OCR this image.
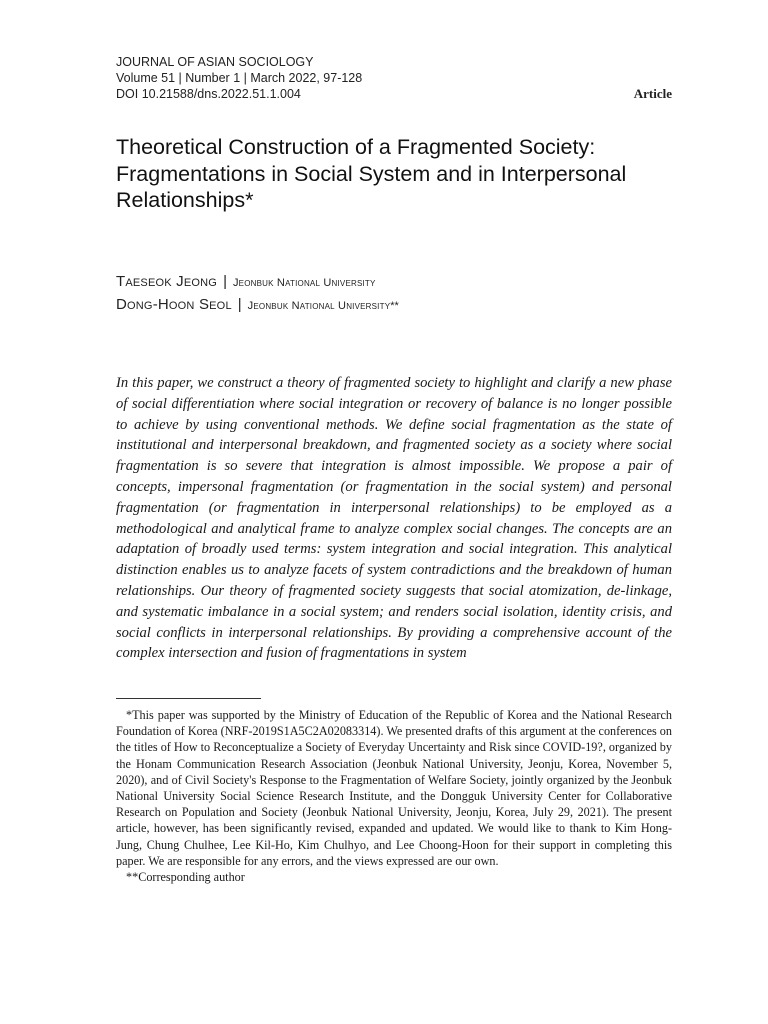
JOURNAL OF ASIAN SOCIOLOGY
Volume 51 | Number 1 | March 2022, 97-128
DOI 10.21588/dns.2022.51.1.004	Article
Theoretical Construction of a Fragmented Society: Fragmentations in Social System and in Interpersonal Relationships*
Taeseok Jeong | Jeonbuk National University
Dong-Hoon Seol | Jeonbuk National University**

In this paper, we construct a theory of fragmented society to highlight and clarify a new phase of social differentiation where social integration or recovery of balance is no longer possible to achieve by using conventional methods. We define social fragmentation as the state of institutional and interpersonal breakdown, and fragmented society as a society where social fragmentation is so severe that integration is almost impossible. We propose a pair of concepts, impersonal fragmentation (or fragmentation in the social system) and personal fragmentation (or fragmentation in interpersonal relationships) to be employed as a methodological and analytical frame to analyze complex social changes. The concepts are an adaptation of broadly used terms: system integration and social integration. This analytical distinction enables us to analyze facets of system contradictions and the breakdown of human relationships. Our theory of fragmented society suggests that social atomization, de-linkage, and systematic imbalance in a social system; and renders social isolation, identity crisis, and social conflicts in interpersonal relationships. By providing a comprehensive account of the complex intersection and fusion of fragmentations in system

*This paper was supported by the Ministry of Education of the Republic of Korea and the National Research Foundation of Korea (NRF-2019S1A5C2A02083314). We presented drafts of this argument at the conferences on the titles of How to Reconceptualize a Society of Everyday Uncertainty and Risk since COVID-19?, organized by the Honam Communication Research Association (Jeonbuk National University, Jeonju, Korea, November 5, 2020), and of Civil Society's Response to the Fragmentation of Welfare Society, jointly organized by the Jeonbuk National University Social Science Research Institute, and the Dongguk University Center for Collaborative Research on Population and Society (Jeonbuk National University, Jeonju, Korea, July 29, 2021). The present article, however, has been significantly revised, expanded and updated. We would like to thank to Kim Hong-Jung, Chung Chulhee, Lee Kil-Ho, Kim Chulhyo, and Lee Choong-Hoon for their support in completing this paper. We are responsible for any errors, and the views expressed are our own.

**Corresponding author
